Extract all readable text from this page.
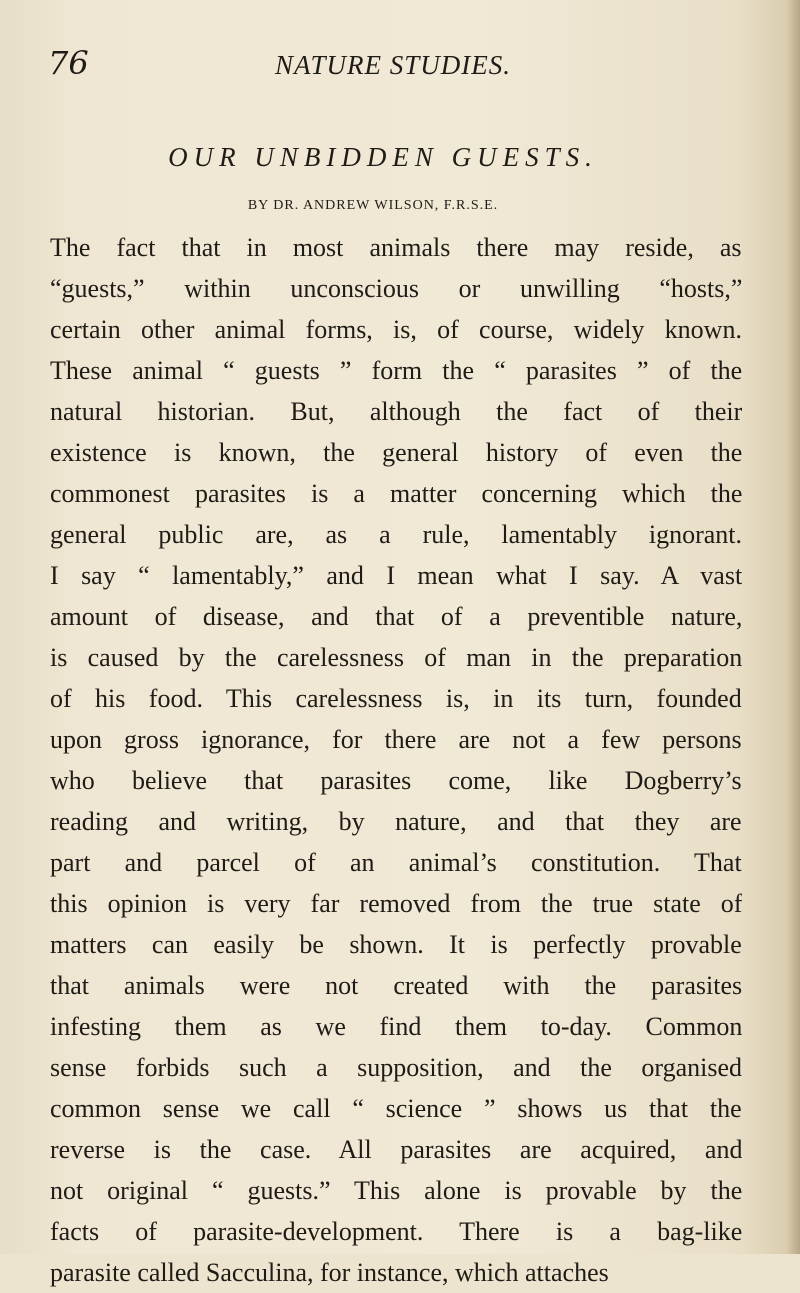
76	NATURE STUDIES.
OUR UNBIDDEN GUESTS.
BY DR. ANDREW WILSON, F.R.S.E.
The fact that in most animals there may reside, as
“guests,” within unconscious or unwilling “hosts,”
certain other animal forms, is, of course, widely known.
These animal “ guests ” form the “ parasites ” of the
natural historian. But, although the fact of their
existence is known, the general history of even the
commonest parasites is a matter concerning which the
general public are, as a rule, lamentably ignorant.
I say “ lamentably,” and I mean what I say. A vast
amount of disease, and that of a preventible nature,
is caused by the carelessness of man in the preparation
of his food. This carelessness is, in its turn, founded
upon gross ignorance, for there are not a few persons
who believe that parasites come, like Dogberry’s
reading and writing, by nature, and that they are
part and parcel of an animal’s constitution. That
this opinion is very far removed from the true state of
matters can easily be shown. It is perfectly provable
that animals were not created with the parasites
infesting them as we find them to-day. Common
sense forbids such a supposition, and the organised
common sense we call “ science ” shows us that the
reverse is the case. All parasites are acquired, and
not original “ guests.” This alone is provable by the
facts of parasite-development. There is a bag-like
parasite called Sacculina, for instance, which attaches
